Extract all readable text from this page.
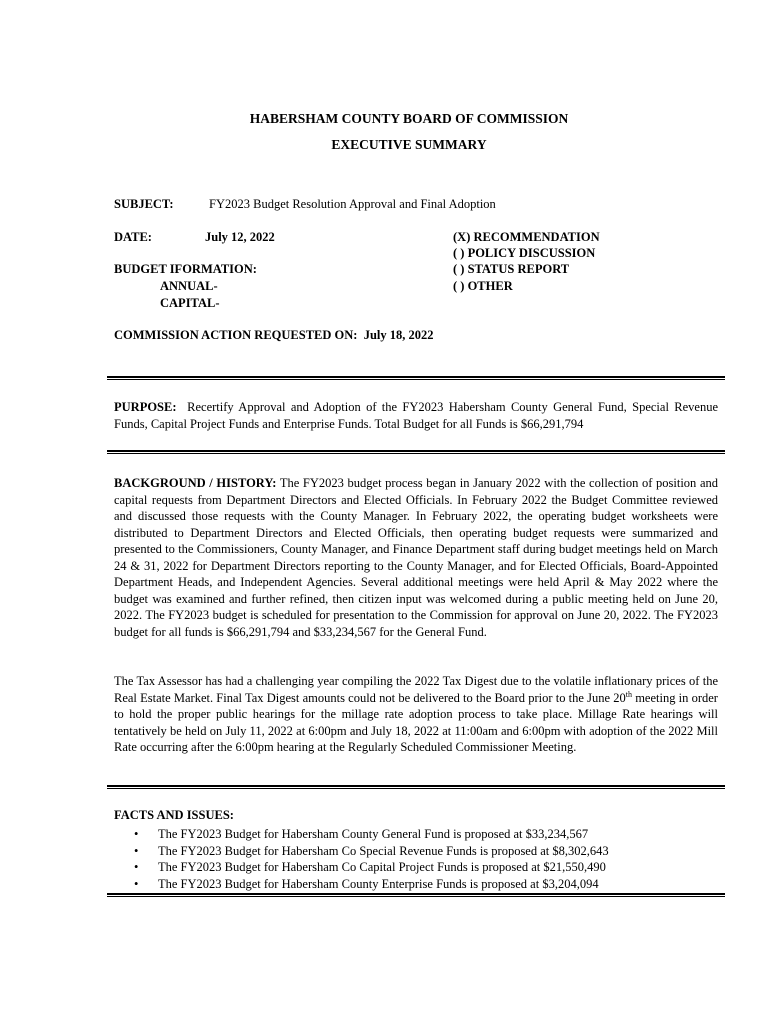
HABERSHAM COUNTY BOARD OF COMMISSION
EXECUTIVE SUMMARY
SUBJECT:	FY2023 Budget Resolution Approval and Final Adoption
DATE:	July 12, 2022	(X) RECOMMENDATION
( ) POLICY DISCUSSION
( ) STATUS REPORT
( ) OTHER
BUDGET IFORMATION:
ANNUAL-
CAPITAL-
COMMISSION ACTION REQUESTED ON: July 18, 2022

PURPOSE: Recertify Approval and Adoption of the FY2023 Habersham County General Fund, Special Revenue Funds, Capital Project Funds and Enterprise Funds. Total Budget for all Funds is $66,291,794

BACKGROUND / HISTORY: The FY2023 budget process began in January 2022 with the collection of position and capital requests from Department Directors and Elected Officials. In February 2022 the Budget Committee reviewed and discussed those requests with the County Manager. In February 2022, the operating budget worksheets were distributed to Department Directors and Elected Officials, then operating budget requests were summarized and presented to the Commissioners, County Manager, and Finance Department staff during budget meetings held on March 24 & 31, 2022 for Department Directors reporting to the County Manager, and for Elected Officials, Board-Appointed Department Heads, and Independent Agencies. Several additional meetings were held April & May 2022 where the budget was examined and further refined, then citizen input was welcomed during a public meeting held on June 20, 2022. The FY2023 budget is scheduled for presentation to the Commission for approval on June 20, 2022. The FY2023 budget for all funds is $66,291,794 and $33,234,567 for the General Fund.

The Tax Assessor has had a challenging year compiling the 2022 Tax Digest due to the volatile inflationary prices of the Real Estate Market. Final Tax Digest amounts could not be delivered to the Board prior to the June 20th meeting in order to hold the proper public hearings for the millage rate adoption process to take place. Millage Rate hearings will tentatively be held on July 11, 2022 at 6:00pm and July 18, 2022 at 11:00am and 6:00pm with adoption of the 2022 Mill Rate occurring after the 6:00pm hearing at the Regularly Scheduled Commissioner Meeting.

FACTS AND ISSUES:
• The FY2023 Budget for Habersham County General Fund is proposed at $33,234,567
• The FY2023 Budget for Habersham Co Special Revenue Funds is proposed at $8,302,643
• The FY2023 Budget for Habersham Co Capital Project Funds is proposed at $21,550,490
• The FY2023 Budget for Habersham County Enterprise Funds is proposed at $3,204,094
